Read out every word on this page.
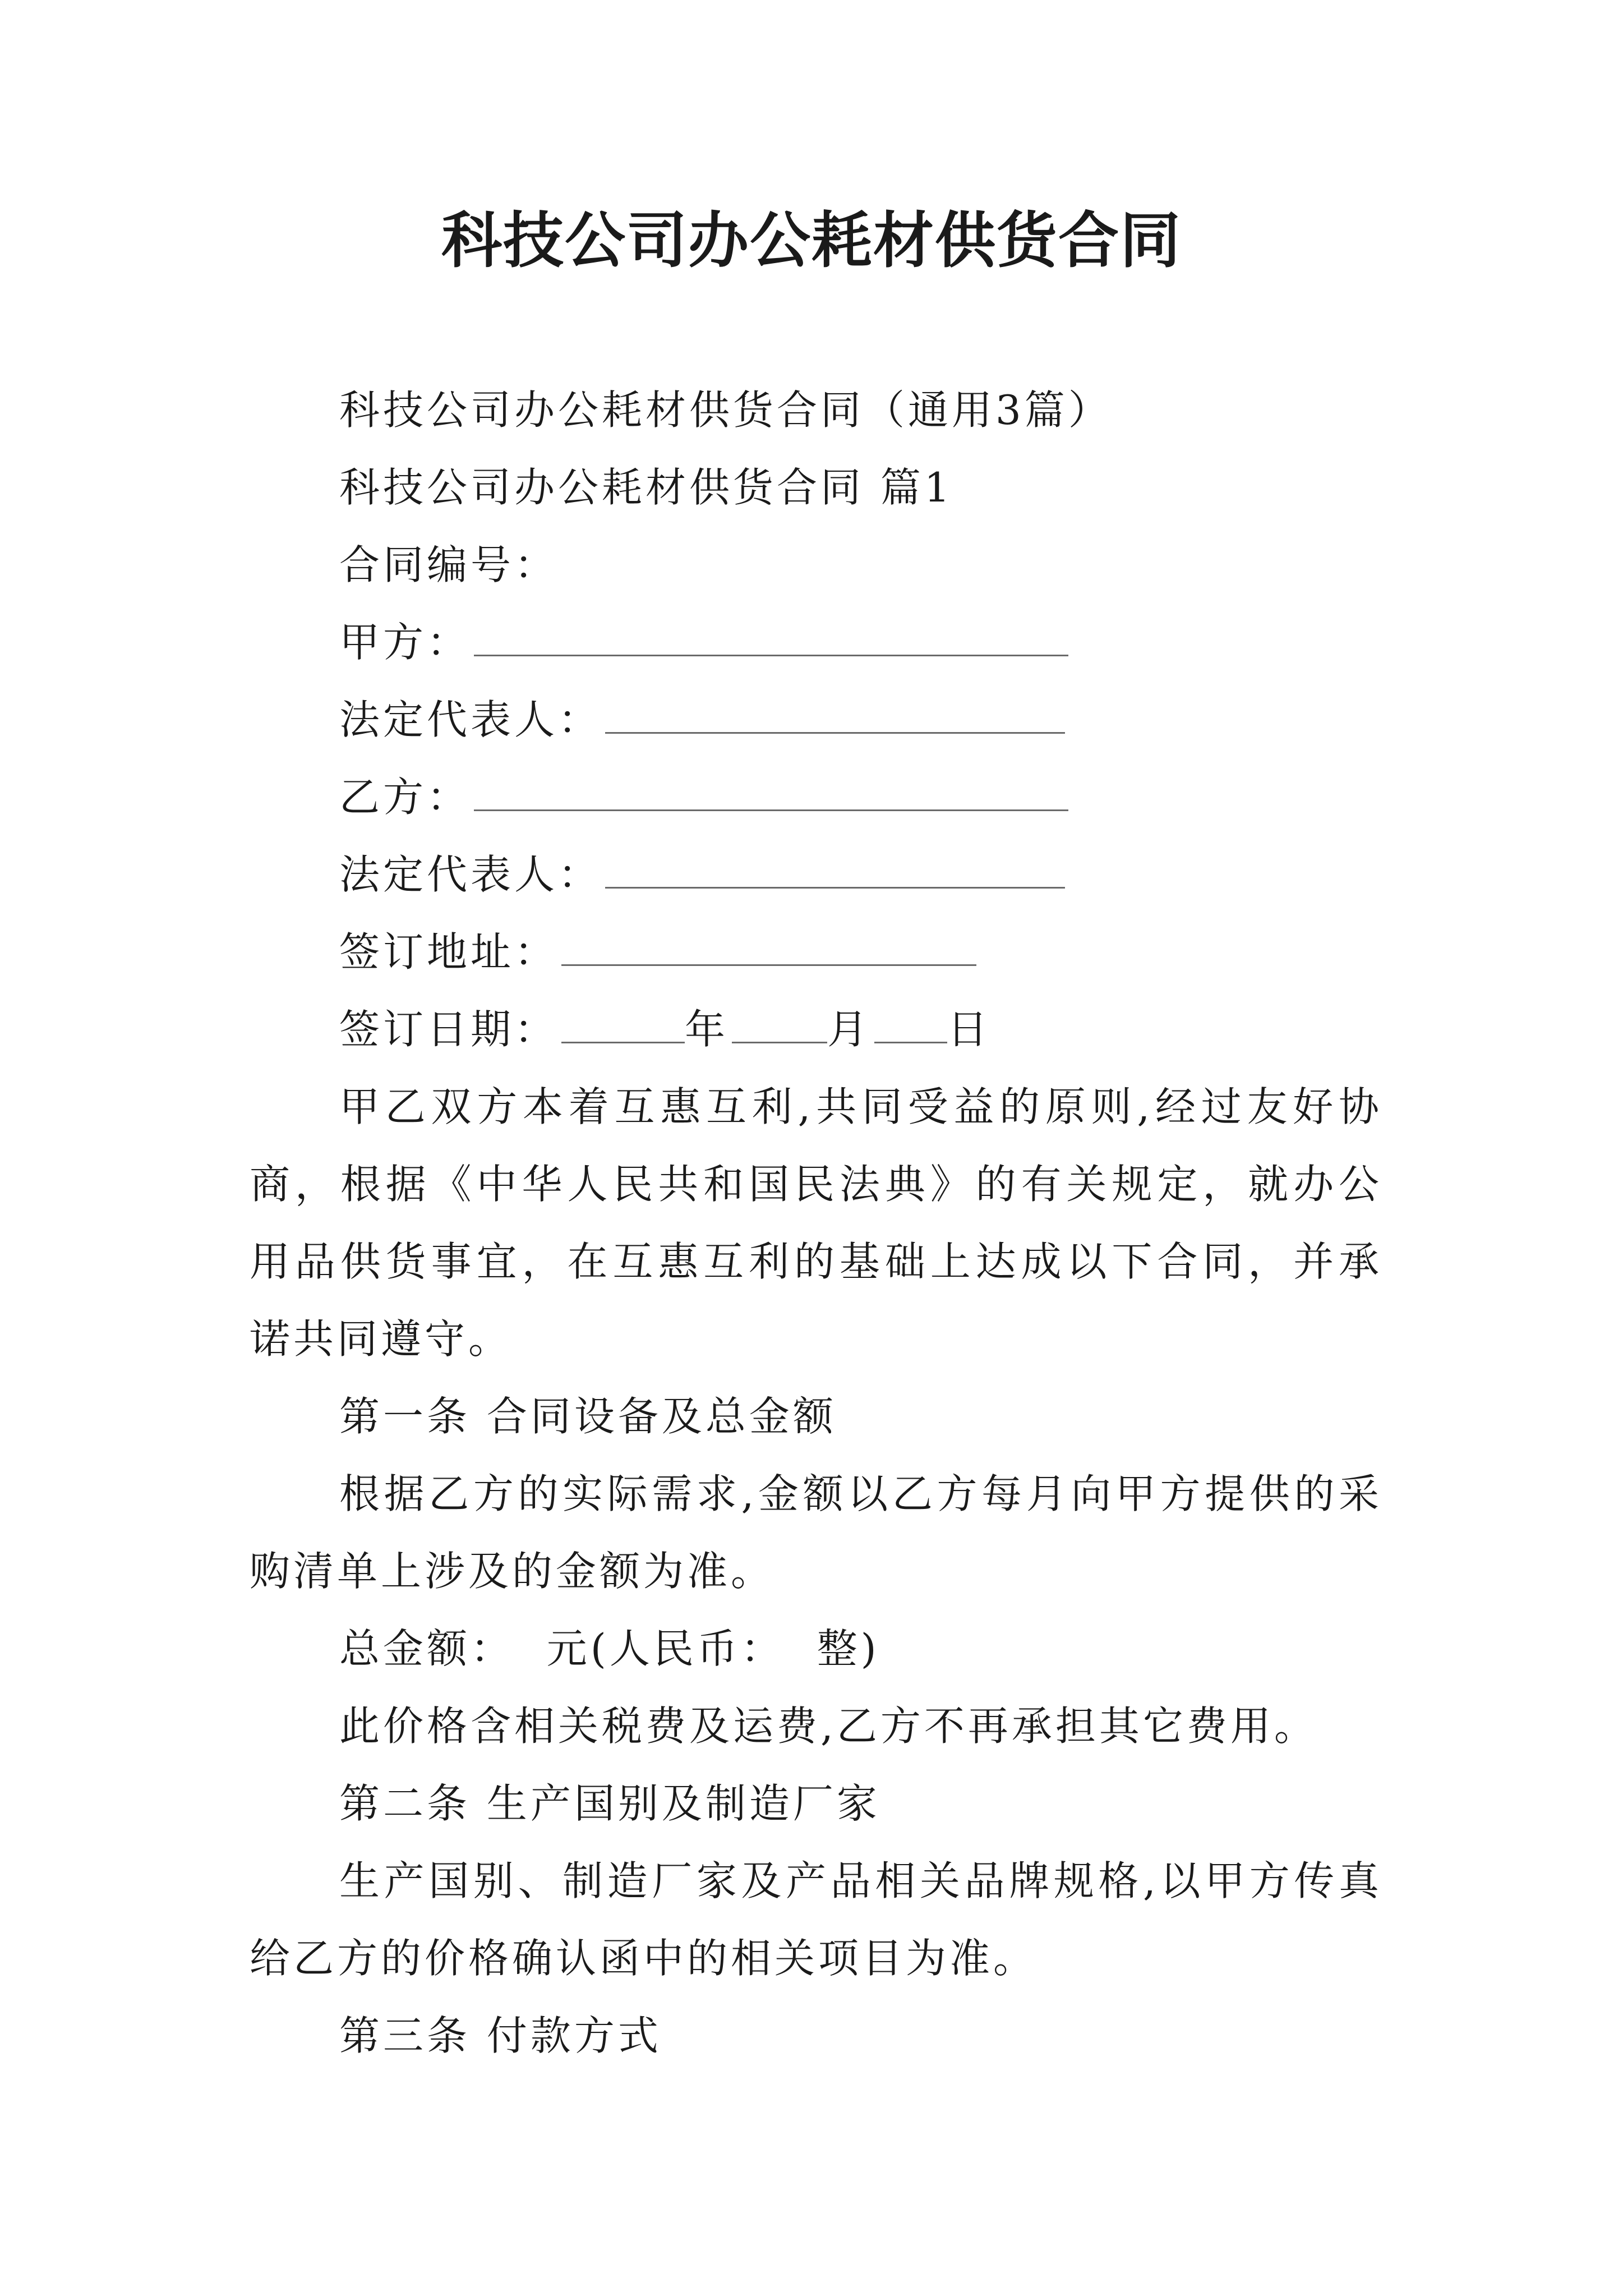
科技公司办公耗材供货合同
科技公司办公耗材供货合同（通用3篇）
科技公司办公耗材供货合同 篇1
合同编号：
甲方：
法定代表人：
乙方：
法定代表人：
签订地址：
签订日期：	年 月 日
甲乙双方本着互惠互利,共同受益的原则,经过友好协商，根据《中华人民共和国民法典》的有关规定，就办公用品供货事宜，在互惠互利的基础上达成以下合同，并承诺共同遵守。
第一条 合同设备及总金额
根据乙方的实际需求,金额以乙方每月向甲方提供的采购清单上涉及的金额为准。
总金额：  元(人民币：  整)
此价格含相关税费及运费,乙方不再承担其它费用。
第二条 生产国别及制造厂家
生产国别、制造厂家及产品相关品牌规格,以甲方传真给乙方的价格确认函中的相关项目为准。
第三条 付款方式
